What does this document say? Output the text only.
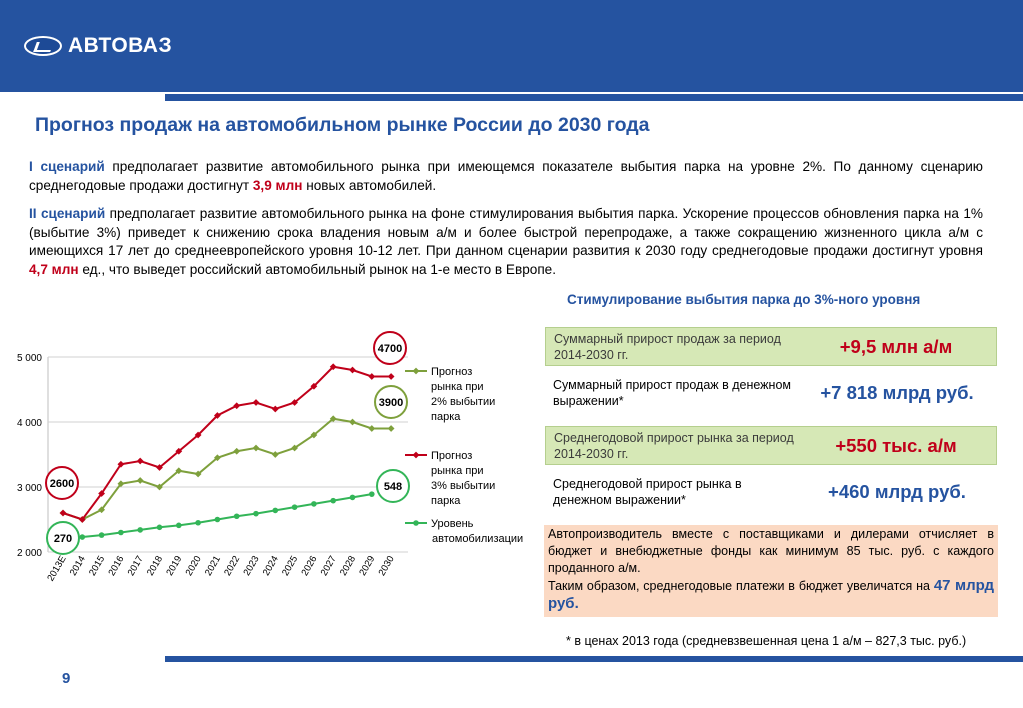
АВТОВАЗ
Прогноз продаж на автомобильном рынке России до 2030 года
I сценарий предполагает развитие автомобильного рынка при имеющемся показателе выбытия парка на уровне 2%. По данному сценарию среднегодовые продажи достигнут 3,9 млн новых автомобилей.
II сценарий предполагает развитие автомобильного рынка на фоне стимулирования выбытия парка. Ускорение процессов обновления парка на 1% (выбытие 3%) приведет к снижению срока владения новым а/м и более быстрой перепродаже, а также сокращению жизненного цикла а/м с имеющихся 17 лет до среднеевропейского уровня 10-12 лет. При данном сценарии развития к 2030 году среднегодовые продажи достигнут уровня 4,7 млн ед., что выведет российский автомобильный рынок на 1-е место в Европе.
Стимулирование выбытия парка до 3%-ного уровня
Суммарный прирост продаж за период 2014-2030 гг.	+9,5 млн а/м
Суммарный прирост продаж в денежном выражении*	+7 818 млрд руб.
Среднегодовой прирост рынка за период 2014-2030 гг.	+550 тыс. а/м
Среднегодовой прирост рынка в денежном выражении*	+460 млрд руб.
Автопроизводитель вместе с поставщиками и дилерами отчисляет в бюджет и внебюджетные фонды как минимум 85 тыс. руб. с каждого проданного а/м.
Таким образом, среднегодовые платежи в бюджет увеличатся на 47 млрд руб.
* в ценах 2013 года (средневзвешенная цена 1 а/м – 827,3 тыс. руб.)
9
2 000
3 000
4 000
5 000
2013E 2014 2015 2016 2017 2018 2019 2020 2021 2022 2023 2024 2025 2026 2027 2028 2029 2030
Прогноз
рынка при
2% выбытии
парка
Прогноз
рынка при
3% выбытии
парка
Уровень
автомобилизации
4700
3900
2600	548
270
